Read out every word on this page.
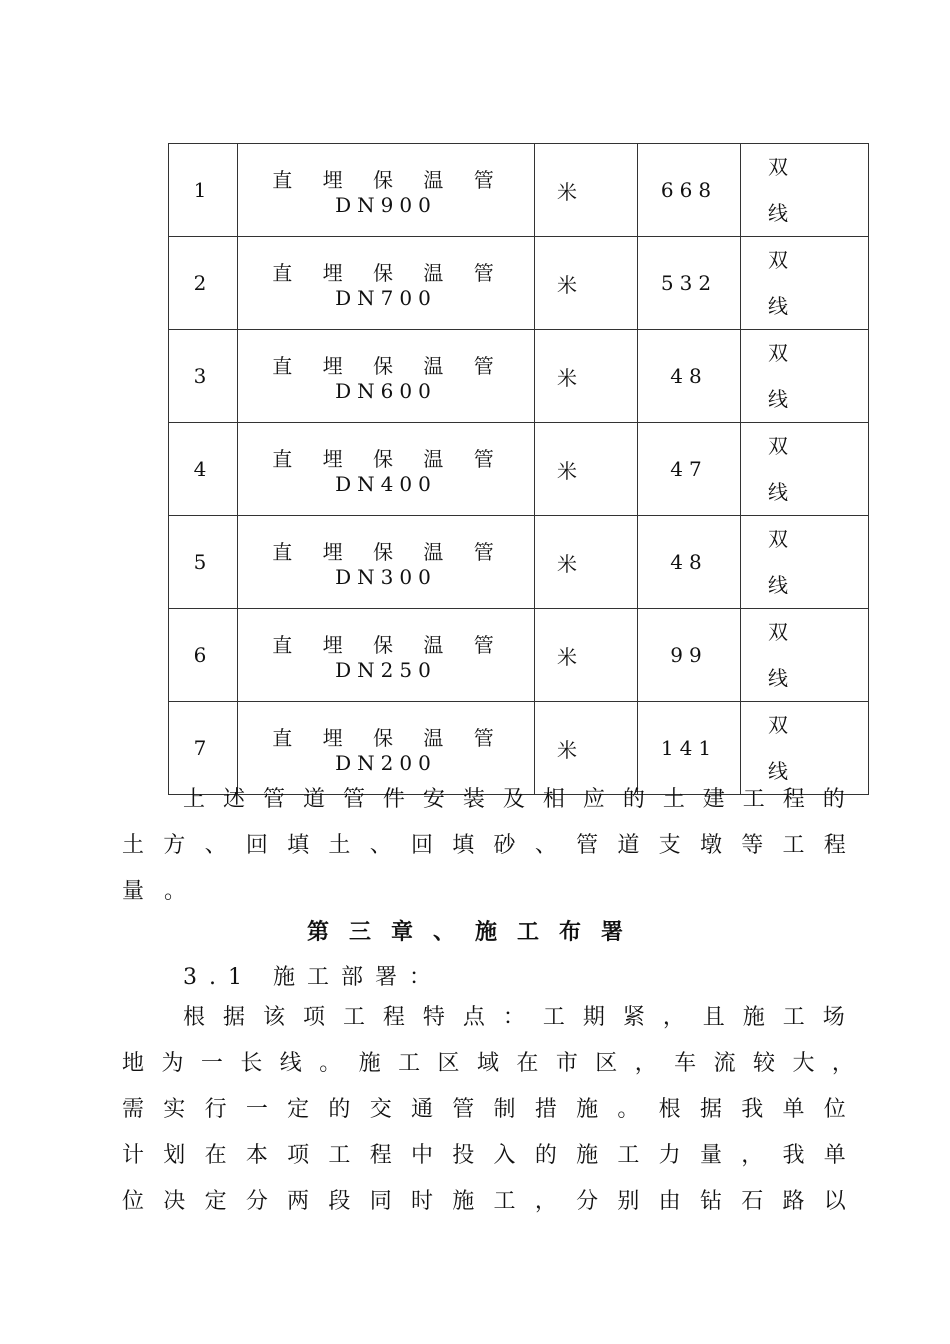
1	直 埋 保 温 管 DN900	米	668	双
线

2	直 埋 保 温 管 DN700	米	532	双
线

3	直 埋 保 温 管 DN600	米	48	双
线

4	直 埋 保 温 管 DN400	米	47	双
线

5	直 埋 保 温 管 DN300	米	48	双
线

6	直 埋 保 温 管 DN250	米	99	双
线

7	直 埋 保 温 管 DN200	米	141	双
线
上 述 管 道 管 件 安 装 及 相 应 的 土 建 工 程 的
土 方 、 回 填 土 、 回 填 砂 、 管 道 支 墩 等 工 程
量。
第三章、施工布署
3.1 施工部署：
根 据 该 项 工 程 特 点 ： 工 期 紧 ， 且 施 工 场
地 为 一 长 线 。 施 工 区 域 在 市 区 ， 车 流 较 大 ，
需 实 行 一 定 的 交 通 管 制 措 施 。 根 据 我 单 位
计 划 在 本 项 工 程 中 投 入 的 施 工 力 量 ， 我 单
位 决 定 分 两 段 同 时 施 工 ， 分 别 由 钻 石 路 以
